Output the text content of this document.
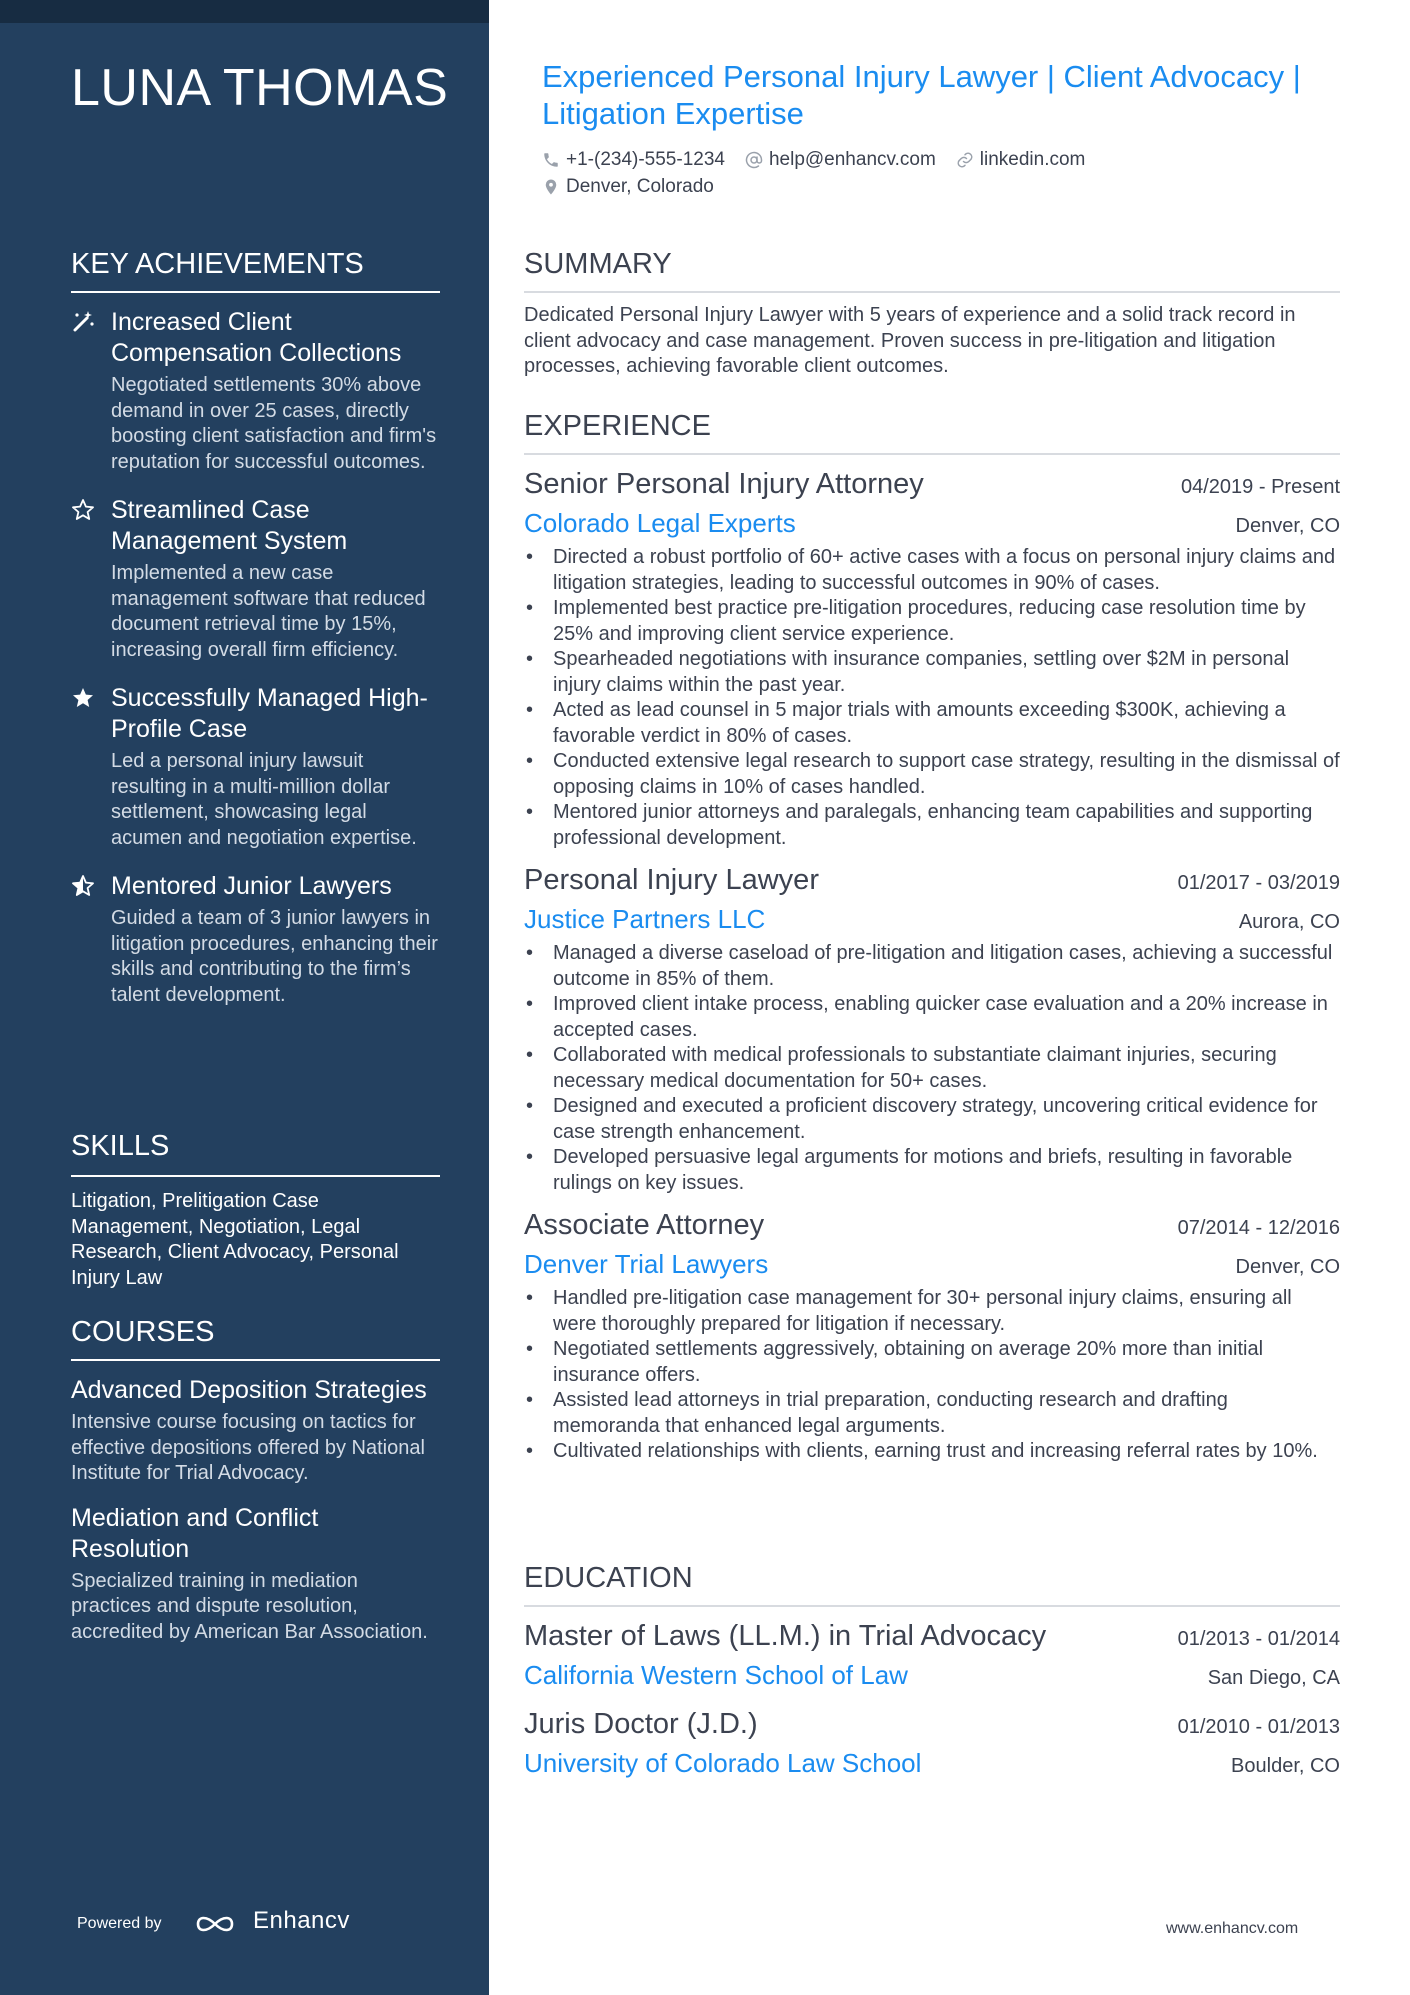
LUNA THOMAS
KEY ACHIEVEMENTS
Increased Client Compensation Collections
Negotiated settlements 30% above demand in over 25 cases, directly boosting client satisfaction and firm's reputation for successful outcomes.
Streamlined Case Management System
Implemented a new case management software that reduced document retrieval time by 15%, increasing overall firm efficiency.
Successfully Managed High-Profile Case
Led a personal injury lawsuit resulting in a multi-million dollar settlement, showcasing legal acumen and negotiation expertise.
Mentored Junior Lawyers
Guided a team of 3 junior lawyers in litigation procedures, enhancing their skills and contributing to the firm’s talent development.
SKILLS
Litigation, Prelitigation Case Management, Negotiation, Legal Research, Client Advocacy, Personal Injury Law
COURSES
Advanced Deposition Strategies
Intensive course focusing on tactics for effective depositions offered by National Institute for Trial Advocacy.
Mediation and Conflict Resolution
Specialized training in mediation practices and dispute resolution, accredited by American Bar Association.
Powered by	Enhancv
Experienced Personal Injury Lawyer | Client Advocacy | Litigation Expertise
+1-(234)-555-1234 help@enhancv.com linkedin.com
Denver, Colorado
SUMMARY
Dedicated Personal Injury Lawyer with 5 years of experience and a solid track record in client advocacy and case management. Proven success in pre-litigation and litigation processes, achieving favorable client outcomes.
EXPERIENCE
Senior Personal Injury Attorney	04/2019 - Present
Colorado Legal Experts	Denver, CO
• Directed a robust portfolio of 60+ active cases with a focus on personal injury claims and litigation strategies, leading to successful outcomes in 90% of cases.
• Implemented best practice pre-litigation procedures, reducing case resolution time by 25% and improving client service experience.
• Spearheaded negotiations with insurance companies, settling over $2M in personal injury claims within the past year.
• Acted as lead counsel in 5 major trials with amounts exceeding $300K, achieving a favorable verdict in 80% of cases.
• Conducted extensive legal research to support case strategy, resulting in the dismissal of opposing claims in 10% of cases handled.
• Mentored junior attorneys and paralegals, enhancing team capabilities and supporting professional development.
Personal Injury Lawyer	01/2017 - 03/2019
Justice Partners LLC	Aurora, CO
• Managed a diverse caseload of pre-litigation and litigation cases, achieving a successful outcome in 85% of them.
• Improved client intake process, enabling quicker case evaluation and a 20% increase in accepted cases.
• Collaborated with medical professionals to substantiate claimant injuries, securing necessary medical documentation for 50+ cases.
• Designed and executed a proficient discovery strategy, uncovering critical evidence for case strength enhancement.
• Developed persuasive legal arguments for motions and briefs, resulting in favorable rulings on key issues.
Associate Attorney	07/2014 - 12/2016
Denver Trial Lawyers	Denver, CO
• Handled pre-litigation case management for 30+ personal injury claims, ensuring all were thoroughly prepared for litigation if necessary.
• Negotiated settlements aggressively, obtaining on average 20% more than initial insurance offers.
• Assisted lead attorneys in trial preparation, conducting research and drafting memoranda that enhanced legal arguments.
• Cultivated relationships with clients, earning trust and increasing referral rates by 10%.
EDUCATION
Master of Laws (LL.M.) in Trial Advocacy	01/2013 - 01/2014
California Western School of Law	San Diego, CA
Juris Doctor (J.D.)	01/2010 - 01/2013
University of Colorado Law School	Boulder, CO
www.enhancv.com
